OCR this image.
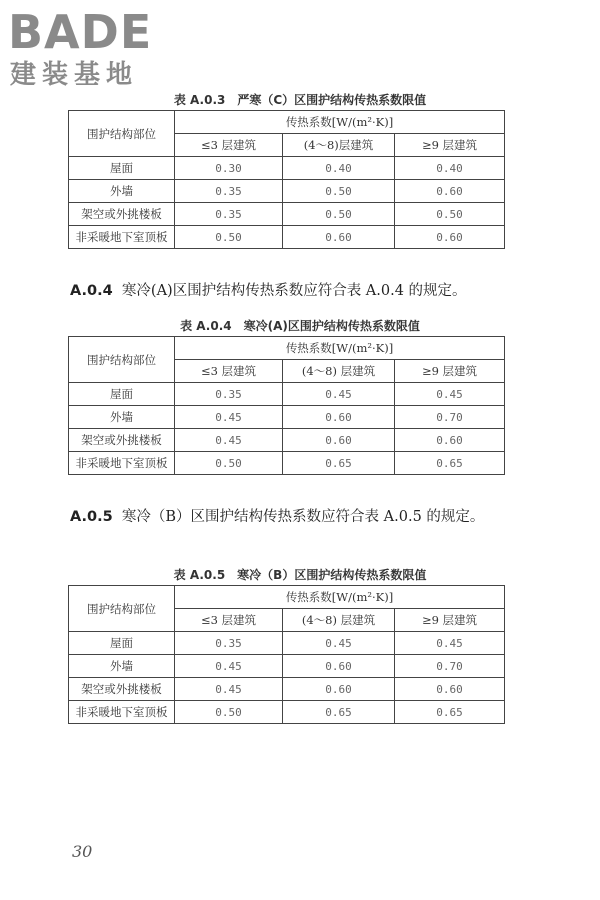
BADE
建装基地
表 A.0.3　严寒（C）区围护结构传热系数限值
围护结构部位	传热系数[W/(m²·K)]		
	≤3 层建筑	(4～8)层建筑	≥9 层建筑
屋面	0.30	0.40	0.40
外墙	0.35	0.50	0.60
架空或外挑楼板	0.35	0.50	0.50
非采暖地下室顶板	0.50	0.60	0.60
A.0.4 寒冷(A)区围护结构传热系数应符合表 A.0.4 的规定。
表 A.0.4　寒冷(A)区围护结构传热系数限值
围护结构部位	传热系数[W/(m²·K)]		
	≤3 层建筑	(4～8) 层建筑	≥9 层建筑
屋面	0.35	0.45	0.45
外墙	0.45	0.60	0.70
架空或外挑楼板	0.45	0.60	0.60
非采暖地下室顶板	0.50	0.65	0.65
A.0.5 寒冷（B）区围护结构传热系数应符合表 A.0.5 的规定。
表 A.0.5　寒冷（B）区围护结构传热系数限值
围护结构部位	传热系数[W/(m²·K)]		
	≤3 层建筑	(4～8) 层建筑	≥9 层建筑
屋面	0.35	0.45	0.45
外墙	0.45	0.60	0.70
架空或外挑楼板	0.45	0.60	0.60
非采暖地下室顶板	0.50	0.65	0.65
30
